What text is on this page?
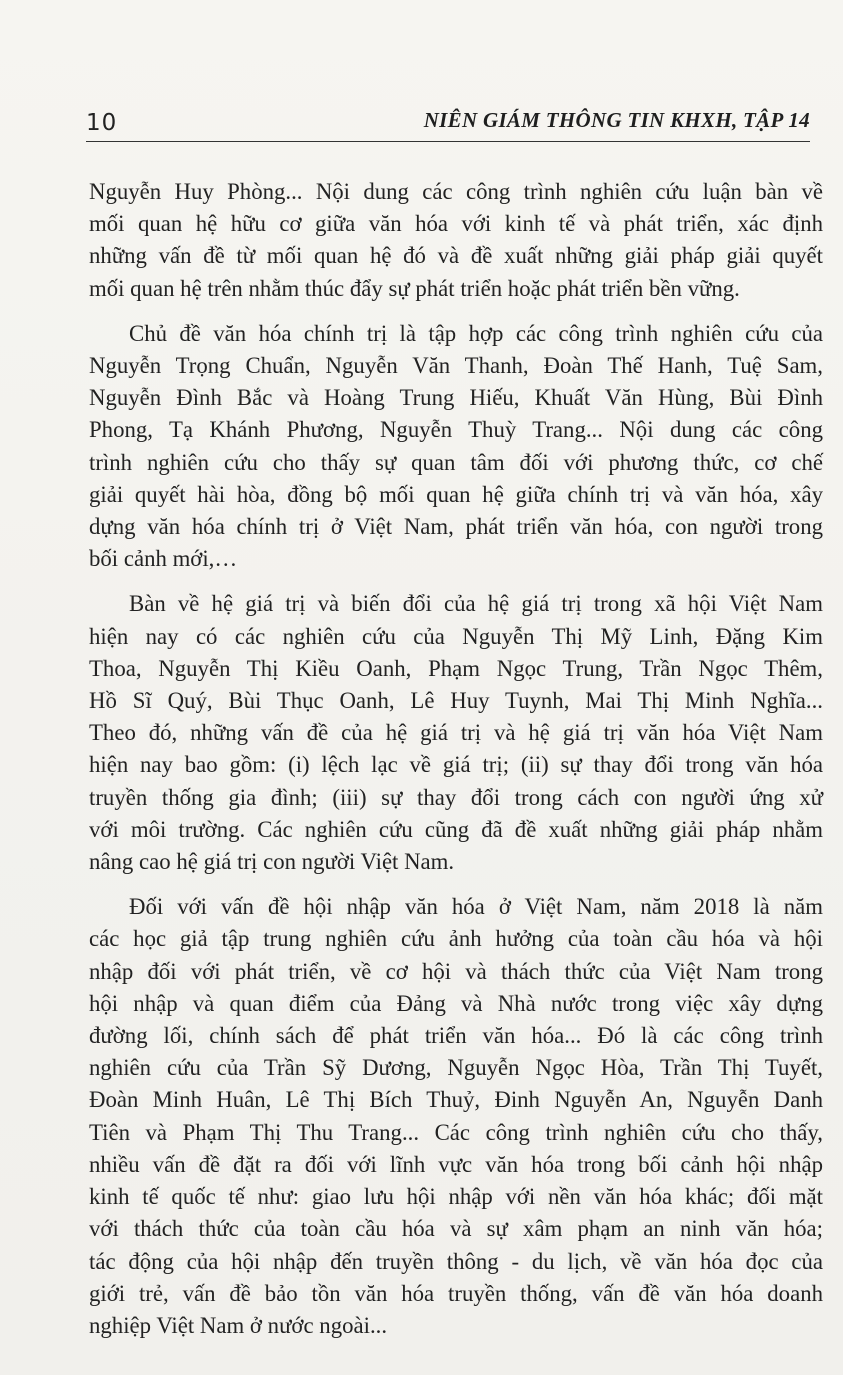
10	NIÊN GIÁM THÔNG TIN KHXH, TẬP 14

Nguyễn Huy Phòng... Nội dung các công trình nghiên cứu luận bàn về
mối quan hệ hữu cơ giữa văn hóa với kinh tế và phát triển, xác định
những vấn đề từ mối quan hệ đó và đề xuất những giải pháp giải quyết
mối quan hệ trên nhằm thúc đẩy sự phát triển hoặc phát triển bền vững.

Chủ đề văn hóa chính trị là tập hợp các công trình nghiên cứu của
Nguyễn Trọng Chuẩn, Nguyễn Văn Thanh, Đoàn Thế Hanh, Tuệ Sam,
Nguyễn Đình Bắc và Hoàng Trung Hiếu, Khuất Văn Hùng, Bùi Đình
Phong, Tạ Khánh Phương, Nguyễn Thuỳ Trang... Nội dung các công
trình nghiên cứu cho thấy sự quan tâm đối với phương thức, cơ chế
giải quyết hài hòa, đồng bộ mối quan hệ giữa chính trị và văn hóa, xây
dựng văn hóa chính trị ở Việt Nam, phát triển văn hóa, con người trong
bối cảnh mới,…

Bàn về hệ giá trị và biến đổi của hệ giá trị trong xã hội Việt Nam
hiện nay có các nghiên cứu của Nguyễn Thị Mỹ Linh, Đặng Kim
Thoa, Nguyễn Thị Kiều Oanh, Phạm Ngọc Trung, Trần Ngọc Thêm,
Hồ Sĩ Quý, Bùi Thục Oanh, Lê Huy Tuynh, Mai Thị Minh Nghĩa...
Theo đó, những vấn đề của hệ giá trị và hệ giá trị văn hóa Việt Nam
hiện nay bao gồm: (i) lệch lạc về giá trị; (ii) sự thay đổi trong văn hóa
truyền thống gia đình; (iii) sự thay đổi trong cách con người ứng xử
với môi trường. Các nghiên cứu cũng đã đề xuất những giải pháp nhằm
nâng cao hệ giá trị con người Việt Nam.

Đối với vấn đề hội nhập văn hóa ở Việt Nam, năm 2018 là năm
các học giả tập trung nghiên cứu ảnh hưởng của toàn cầu hóa và hội
nhập đối với phát triển, về cơ hội và thách thức của Việt Nam trong
hội nhập và quan điểm của Đảng và Nhà nước trong việc xây dựng
đường lối, chính sách để phát triển văn hóa... Đó là các công trình
nghiên cứu của Trần Sỹ Dương, Nguyễn Ngọc Hòa, Trần Thị Tuyết,
Đoàn Minh Huân, Lê Thị Bích Thuỷ, Đinh Nguyễn An, Nguyễn Danh
Tiên và Phạm Thị Thu Trang... Các công trình nghiên cứu cho thấy,
nhiều vấn đề đặt ra đối với lĩnh vực văn hóa trong bối cảnh hội nhập
kinh tế quốc tế như: giao lưu hội nhập với nền văn hóa khác; đối mặt
với thách thức của toàn cầu hóa và sự xâm phạm an ninh văn hóa;
tác động của hội nhập đến truyền thông - du lịch, về văn hóa đọc của
giới trẻ, vấn đề bảo tồn văn hóa truyền thống, vấn đề văn hóa doanh
nghiệp Việt Nam ở nước ngoài...
